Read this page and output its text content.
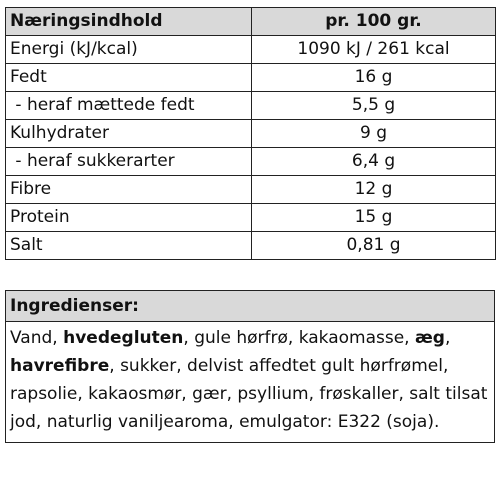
Næringsindhold	pr. 100 gr.
Energi (kJ/kcal)	1090 kJ / 261 kcal
Fedt	16 g
- heraf mættede fedt	5,5 g
Kulhydrater	9 g
- heraf sukkerarter	6,4 g
Fibre	12 g
Protein	15 g
Salt	0,81 g
Ingredienser:
Vand, hvedegluten, gule hørfrø, kakaomasse, æg, havrefibre, sukker, delvist affedtet gult hørfrømel, rapsolie, kakaosmør, gær, psyllium, frøskaller, salt tilsat jod, naturlig vaniljearoma, emulgator: E322 (soja).
